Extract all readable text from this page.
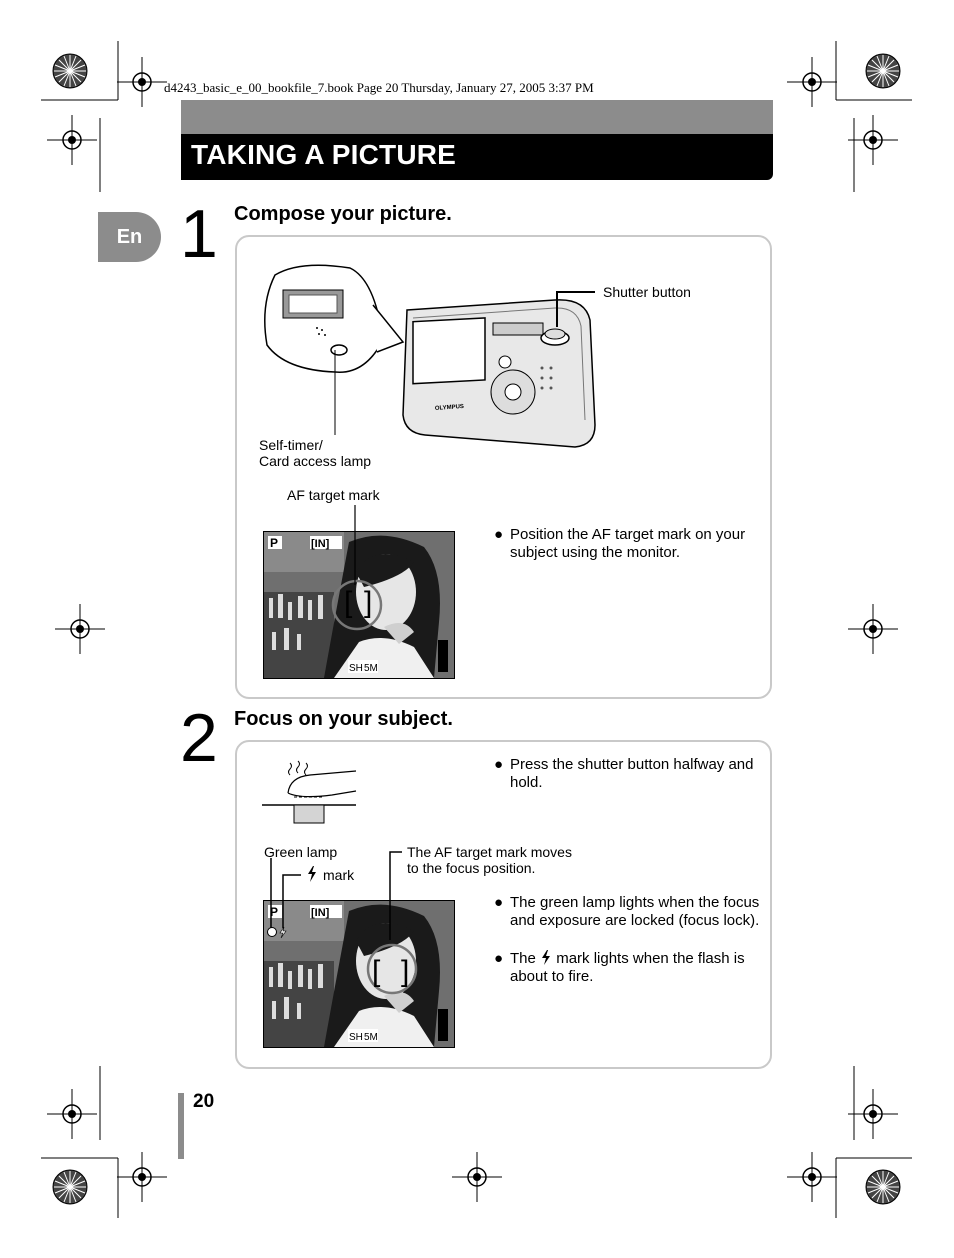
d4243_basic_e_00_bookfile_7.book Page 20 Thursday, January 27, 2005 3:37 PM
TAKING A PICTURE
En 1 Compose your picture.
OLYMPUS
Shutter button
Self-timer/
Card access lamp
AF target mark
[ ]
P	[IN]
SH 5M
● Position the AF target mark on your subject using the monitor.
2 Focus on your subject.
● Press the shutter button halfway and hold.
Green lamp
mark
The AF target mark moves
to the focus position.
[ ]
P	[IN]
SH 5M
● The green lamp lights when the focus and exposure are locked (focus lock).
● The mark lights when the flash is about to fire.
20
